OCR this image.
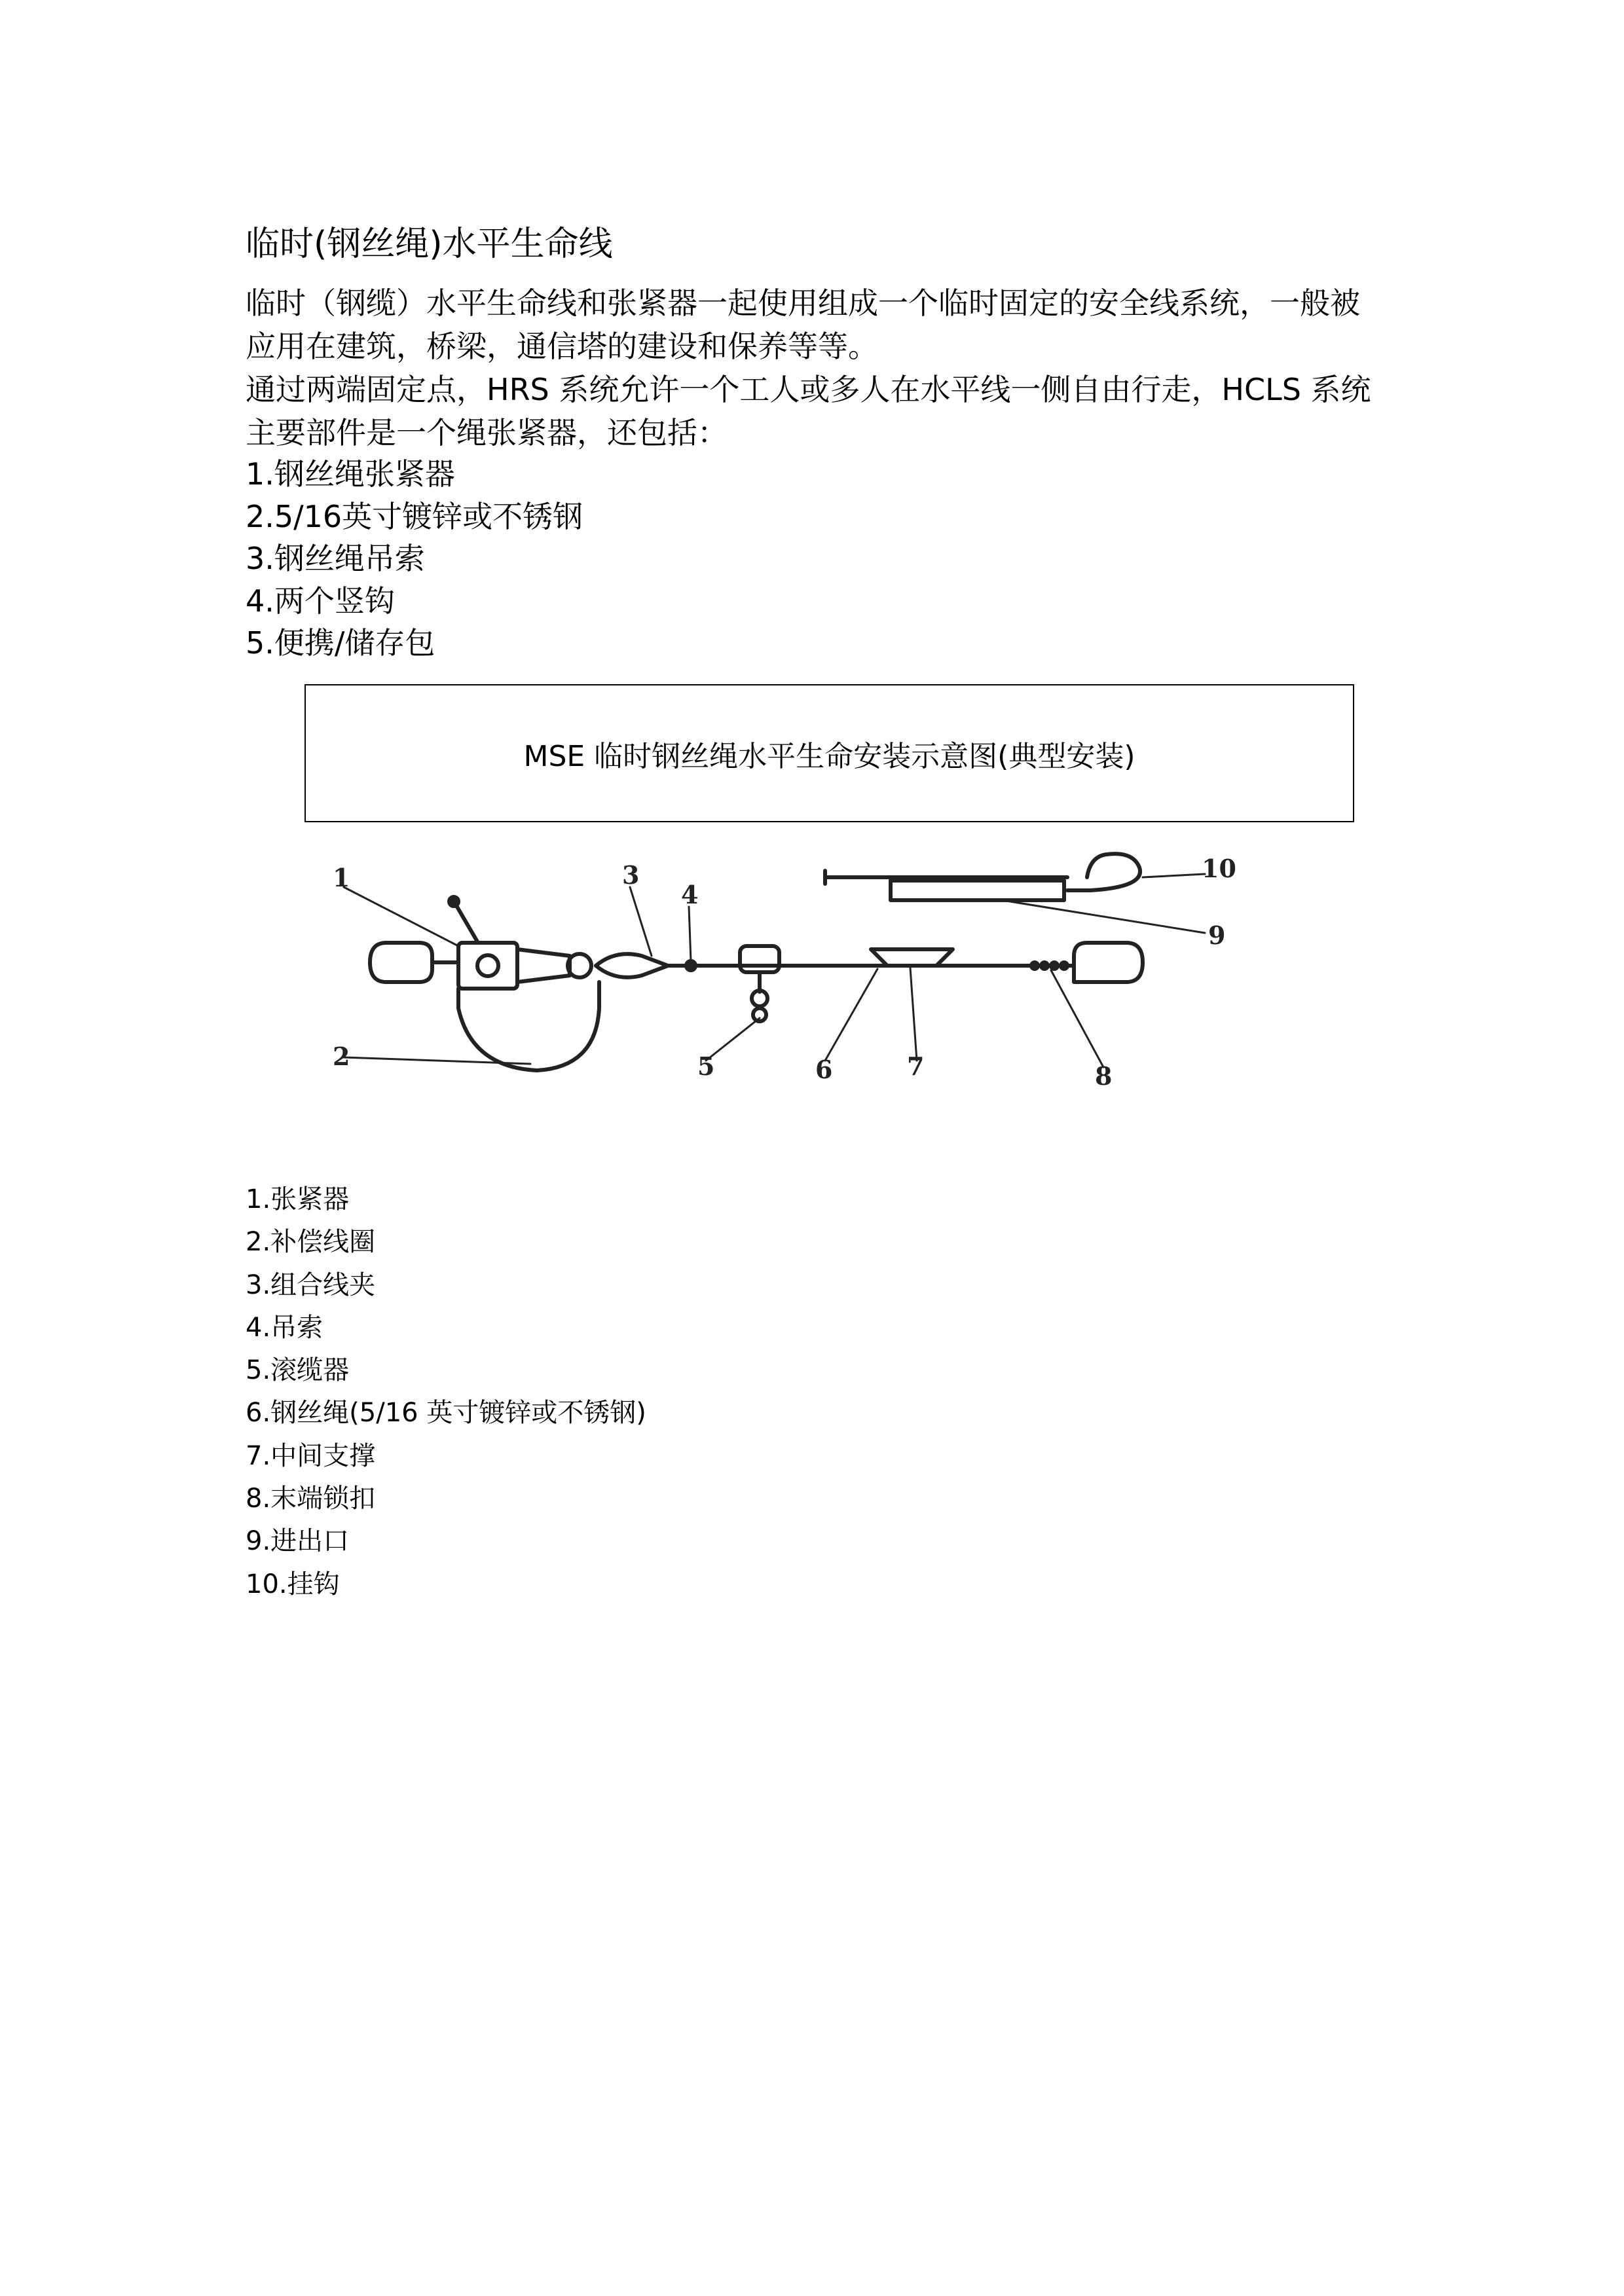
临时(钢丝绳)水平生命线
临时（钢缆）水平生命线和张紧器一起使用组成一个临时固定的安全线系统，一般被应用在建筑，桥梁，通信塔的建设和保养等等。
通过两端固定点，HRS 系统允许一个工人或多人在水平线一侧自由行走，HCLS 系统主要部件是一个绳张紧器，还包括：
1.钢丝绳张紧器
2.5/16英寸镀锌或不锈钢
3.钢丝绳吊索
4.两个竖钩
5.便携/储存包
MSE 临时钢丝绳水平生命安装示意图(典型安装)
1
2
3
4
5	6	7	8
9
10
1.张紧器
2.补偿线圈
3.组合线夹
4.吊索
5.滚缆器
6.钢丝绳(5/16 英寸镀锌或不锈钢)
7.中间支撑
8.末端锁扣
9.进出口
10.挂钩
